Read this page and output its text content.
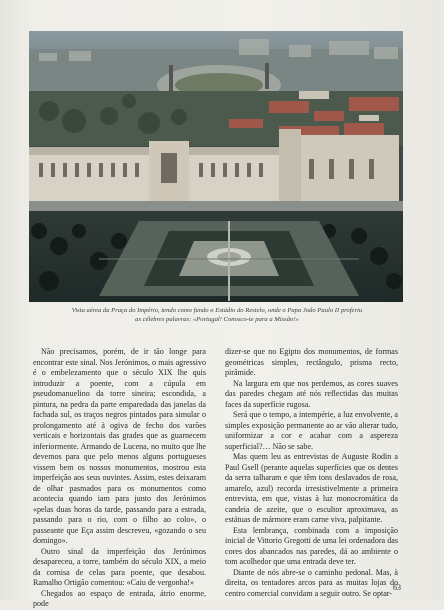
Vista aérea da Praça do Império, tendo como fundo o Estádio do Restelo, onde o Papa João Paulo II proferiu
as célebres palavras: «Portugal! Conosco-te para a Missão!»

Não precisamos, porém, de ir tão longe para encontrar este sinal. Nos Jerónimos, o mais agressivo é o embelezamento que o século XIX lhe quis introduzir a poente, com a cúpula em pseudomanuelino da torre sineira; escondida, a pintura, na pedra da parte emparedada das janelas da fachada sul, os traços negros pintados para simular o prolongamento até à ogiva de fecho dos varões verticais e horizontais das grades que as guarnecem inferiormente. Armando de Lucena, no muito que lhe devemos para que pelo menos alguns portugueses vissem bem os nossos monumentos, mostrou esta imperfeição aos seus ouvintes. Assim, estes deixaram de olhar pasmados para os monumentos como acontecia quando iam para junto dos Jerónimos «pelas duas horas da tarde, passando para a estrada, passando para o rio, com o filho ao colo», o passeante que Eça assim descreveu, «gozando o seu domingo».

Outro sinal da imperfeição dos Jerónimos desapareceu, a torre, também do século XIX, a meio da cornisa de celas para poente, que desabou. Ramalho Ortigão comentou: «Caiu de vergonha!»

Chegados ao espaço de entrada, átrio enorme, pode

dizer-se que no Egipto dos monumentos, de formas geométricas simples, rectângulo, prisma recto, pirâmide.

Na largura em que nos perdemos, as cores suaves das paredes chegam até nós reflectidas das muitas faces da superfície rugosa.

Será que o tempo, a intempérie, a luz envolvente, a simples exposição permanente ao ar vão alterar tudo, uniformizar a cor e acabar com a aspereza superficial?… Não se sabe.

Mas quem leu as entrevistas de Auguste Rodin a Paul Gsell (perante aquelas superfícies que os dentes da serra talharam e que têm tons deslavados de rosa, amarelo, azul) recorda irresistivelmente a primeira entrevista, em que, vistas à luz monocromática da candeia de azeite, que o escultor aproximava, as estátuas de mármore eram carne viva, palpitante.

Esta lembrança, combinada com a imposição inicial de Vittorio Gregotti de uma lei ordenadora das cores dos abancados nas paredes, dá ao ambiente o tom acolhedor que uma entrada deve ter.

Diante de nós abre-se o caminho pedonal. Mas, à direita, os tentadores arcos para as muitas lojas do centro comercial convidam a seguir outro. Se optar-

63
